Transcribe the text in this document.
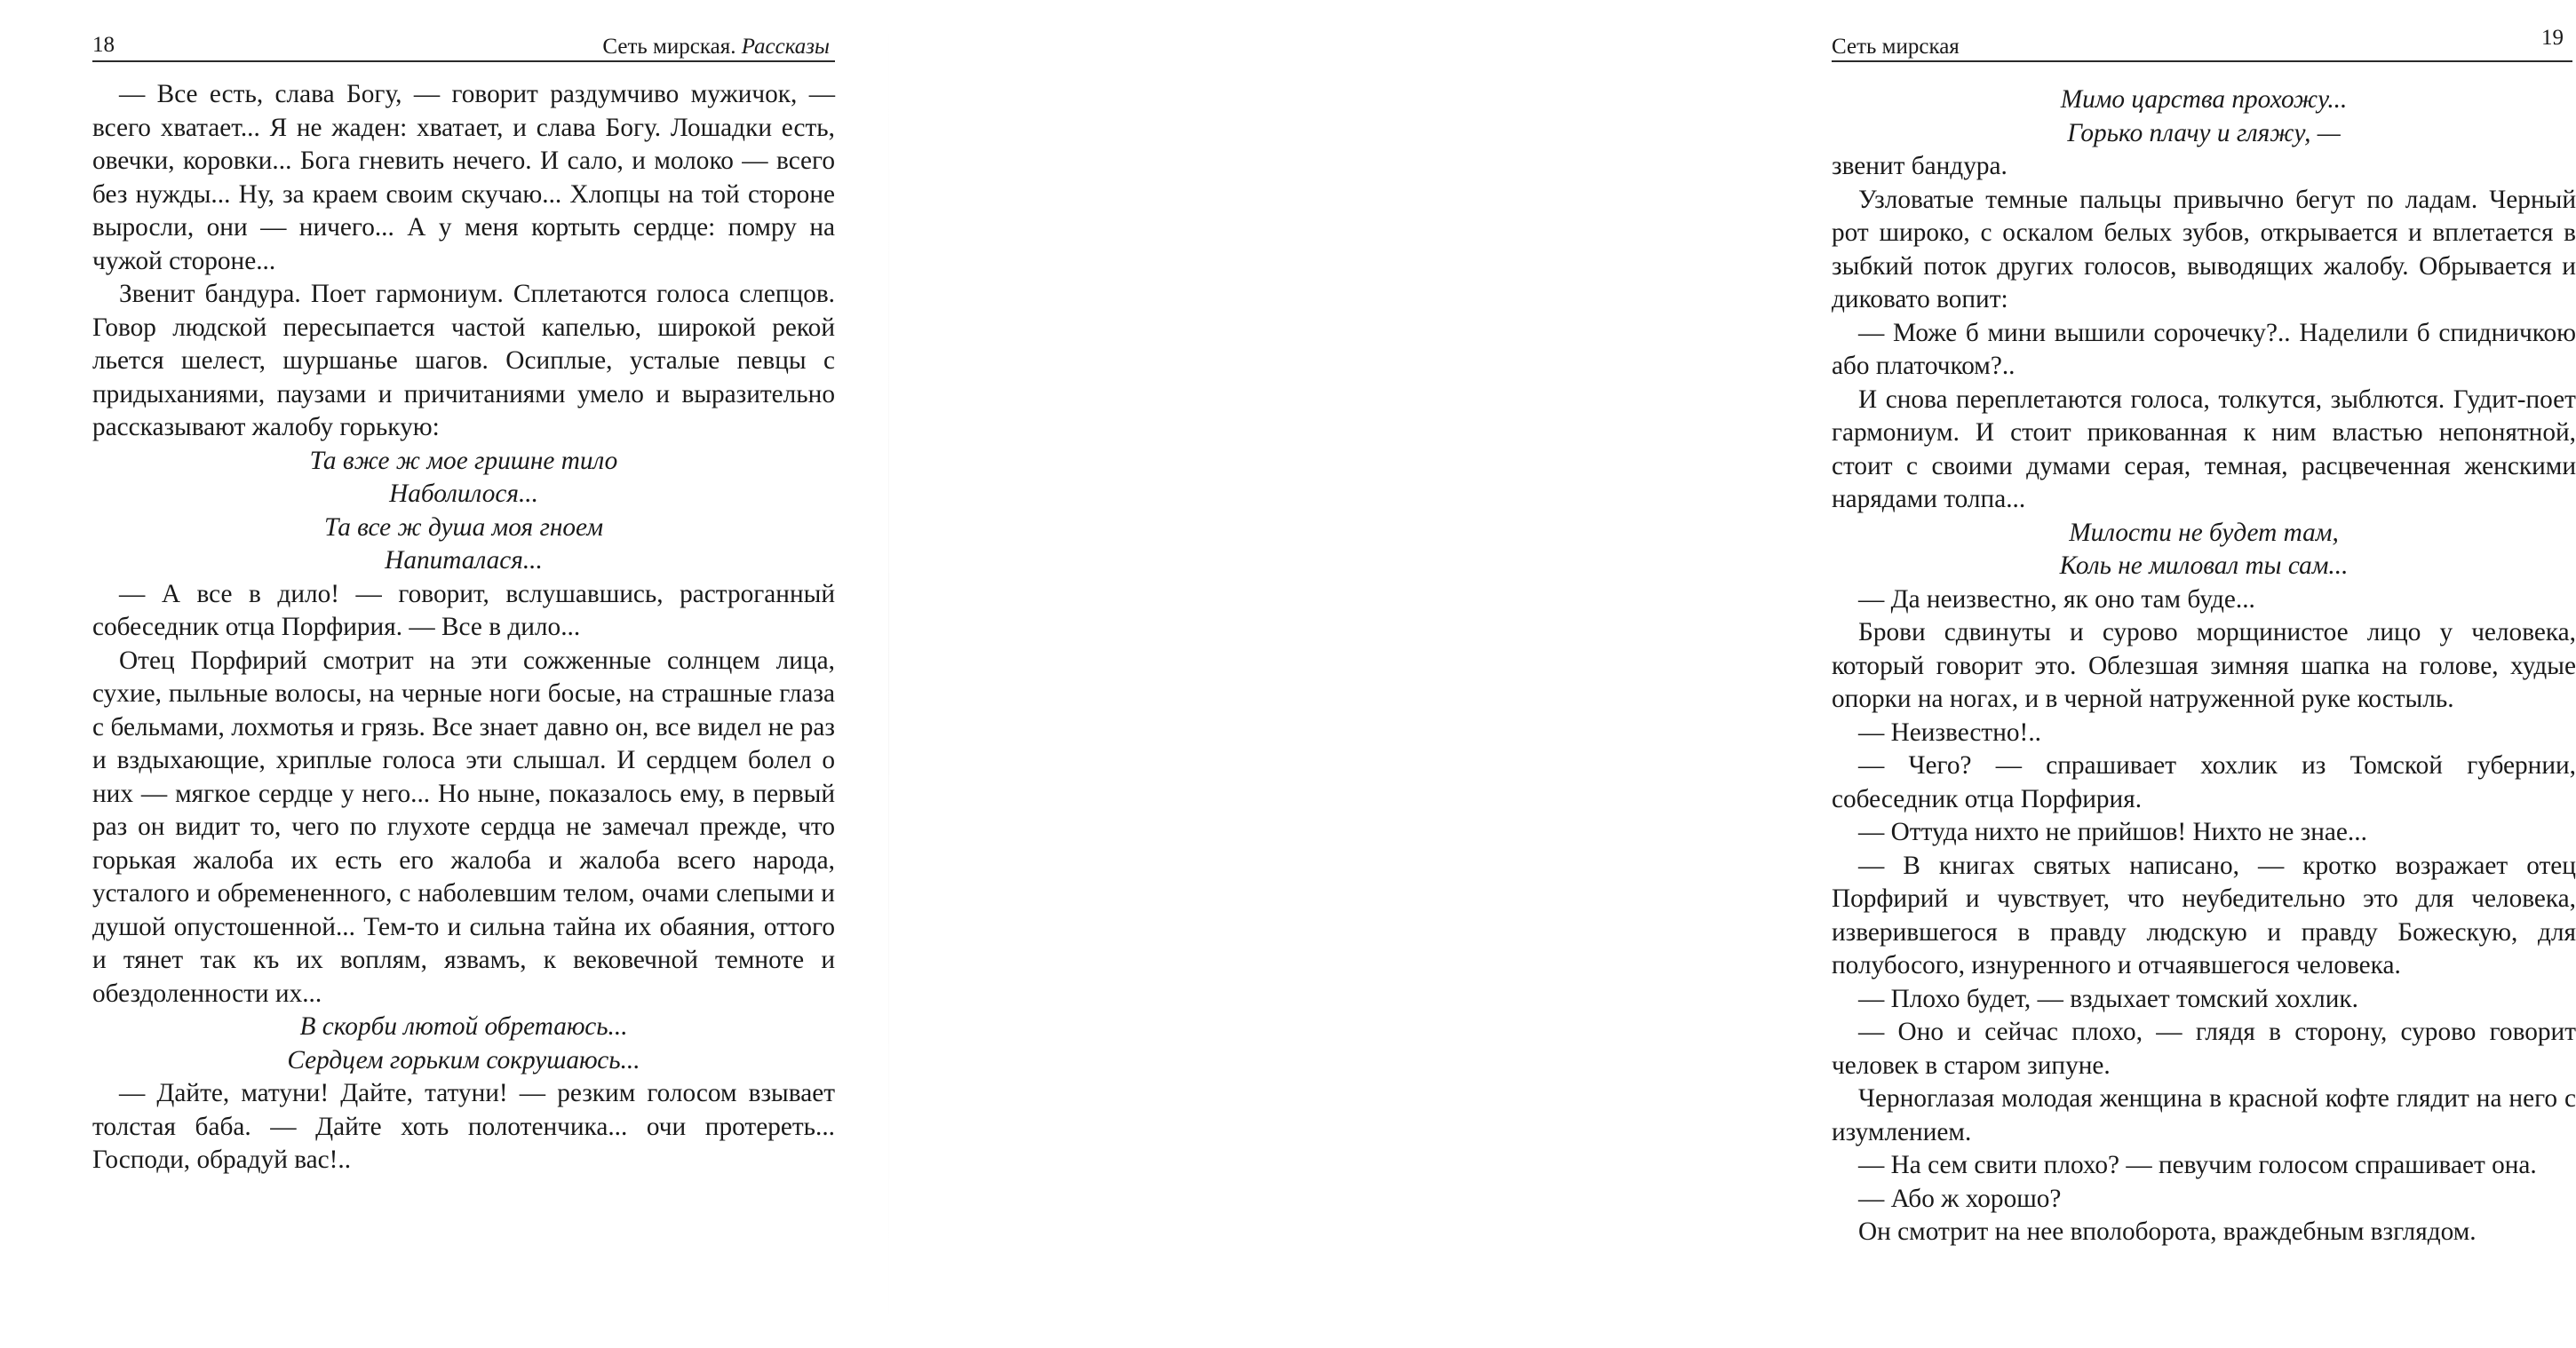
18	Сеть мирская. Рассказы

— Все есть, слава Богу, — говорит раздумчиво мужичок, — всего хватает... Я не жаден: хватает, и слава Богу. Лошадки есть, овечки, коровки... Бога гневить нечего. И сало, и молоко — всего без нужды... Ну, за краем своим скучаю... Хлопцы на той стороне выросли, они — ничего... А у меня кортыть сердце: помру на чужой стороне...

Звенит бандура. Поет гармониум. Сплетаются голоса слепцов. Говор людской пересыпается частой капелью, широкой рекой льется шелест, шуршанье шагов. Осиплые, усталые певцы с придыханиями, паузами и причитаниями умело и выразительно рассказывают жалобу горькую:

Та вже ж мое гришне тило

Наболилося...

Та все ж душа моя гноем

Напиталася...

— А все в дило! — говорит, вслушавшись, растроганный собеседник отца Порфирия. — Все в дило...

Отец Порфирий смотрит на эти сожженные солнцем лица, сухие, пыльные волосы, на черные ноги босые, на страшные глаза с бельмами, лохмотья и грязь. Все знает давно он, все видел не раз и вздыхающие, хриплые голоса эти слышал. И сердцем болел о них — мягкое сердце у него... Но ныне, показалось ему, в первый раз он видит то, чего по глухоте сердца не замечал прежде, что горькая жалоба их есть его жалоба и жалоба всего народа, усталого и обремененного, с наболевшим телом, очами слепыми и душой опустошенной... Тем-то и сильна тайна их обаяния, оттого и тянет так къ их воплям, язвамъ, к вековечной темноте и обездоленности их...

В скорби лютой обретаюсь...

Сердцем горьким сокрушаюсь...

— Дайте, матуни! Дайте, татуни! — резким голосом взывает толстая баба. — Дайте хоть полотенчика... очи протереть... Господи, обрадуй вас!..

Сеть мирская	19

Мимо царства прохожу...

Горько плачу и гляжу, —

звенит бандура.

Узловатые темные пальцы привычно бегут по ладам. Черный рот широко, с оскалом белых зубов, открывается и вплетается в зыбкий поток других голосов, выводящих жалобу. Обрывается и диковато вопит:

— Може б мини вышили сорочечку?.. Наделили б спидничкою або платочком?..

И снова переплетаются голоса, толкутся, зыблются. Гудит-поет гармониум. И стоит прикованная к ним властью непонятной, стоит с своими думами серая, темная, расцвеченная женскими нарядами толпа...

Милости не будет там,

Коль не миловал ты сам...

— Да неизвестно, як оно там буде...

Брови сдвинуты и сурово морщинистое лицо у человека, который говорит это. Облезшая зимняя шапка на голове, худые опорки на ногах, и в черной натруженной руке костыль.

— Неизвестно!..

— Чего? — спрашивает хохлик из Томской губернии, собеседник отца Порфирия.

— Оттуда нихто не прийшов! Нихто не знае...

— В книгах святых написано, — кротко возражает отец Порфирий и чувствует, что неубедительно это для человека, изверившегося в правду людскую и правду Божескую, для полубосого, изнуренного и отчаявшегося человека.

— Плохо будет, — вздыхает томский хохлик.

— Оно и сейчас плохо, — глядя в сторону, сурово говорит человек в старом зипуне.

Черноглазая молодая женщина в красной кофте глядит на него с изумлением.

— На сем свити плохо? — певучим голосом спрашивает она.

— Або ж хорошо?

Он смотрит на нее вполоборота, враждебным взглядом.
